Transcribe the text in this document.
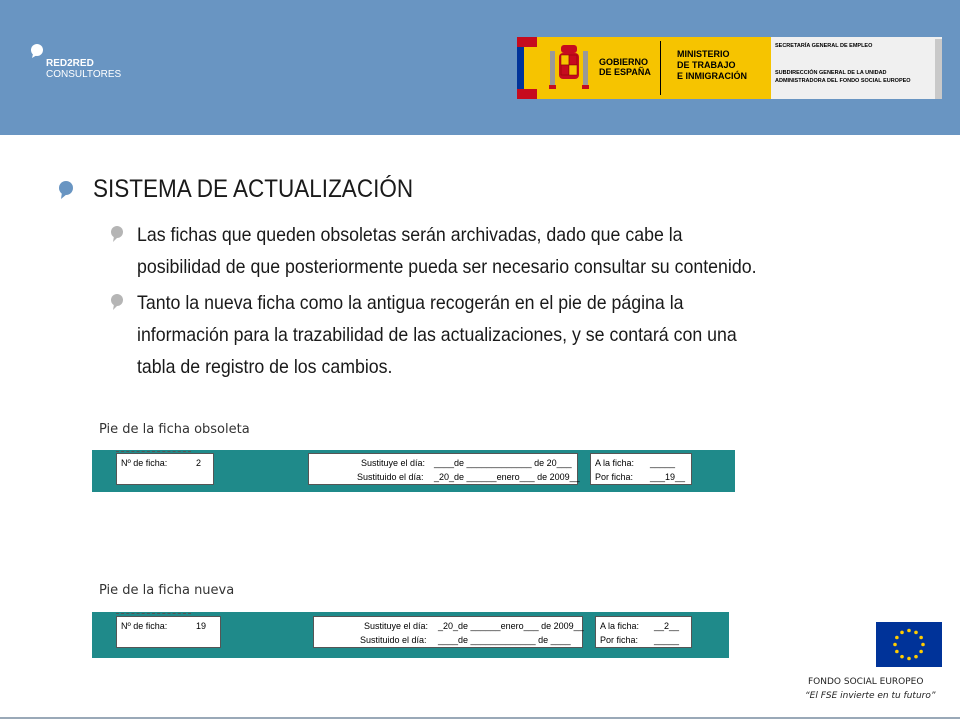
RED2RED
CONSULTORES
GOBIERNO
DE ESPAÑA
MINISTERIO
DE TRABAJO
E INMIGRACIÓN
SECRETARÍA GENERAL DE EMPLEO
SUBDIRECCIÓN GENERAL DE LA UNIDAD
ADMINISTRADORA DEL FONDO SOCIAL EUROPEO
SISTEMA DE ACTUALIZACIÓN
Las fichas que queden obsoletas serán archivadas, dado que cabe la
posibilidad de que posteriormente pueda ser necesario consultar su contenido.
Tanto la nueva ficha como la antigua recogerán en el pie de página la
información para la trazabilidad de las actualizaciones, y se contará con una
tabla de registro de los cambios.
Pie de la ficha obsoleta
Nº de ficha:	2	Sustituye el día: ____de _____________ de 20___
Sustituido el día: _20_de ______enero___ de 2009__
A la ficha: _____
Por ficha: ___19__
Pie de la ficha nueva
Nº de ficha:	19	Sustituye el día: _20_de ______enero___ de 2009__
Sustituido el día: ____de _____________ de ____
A la ficha: __2__
Por ficha: _____
FONDO SOCIAL EUROPEO
“El FSE invierte en tu futuro”
